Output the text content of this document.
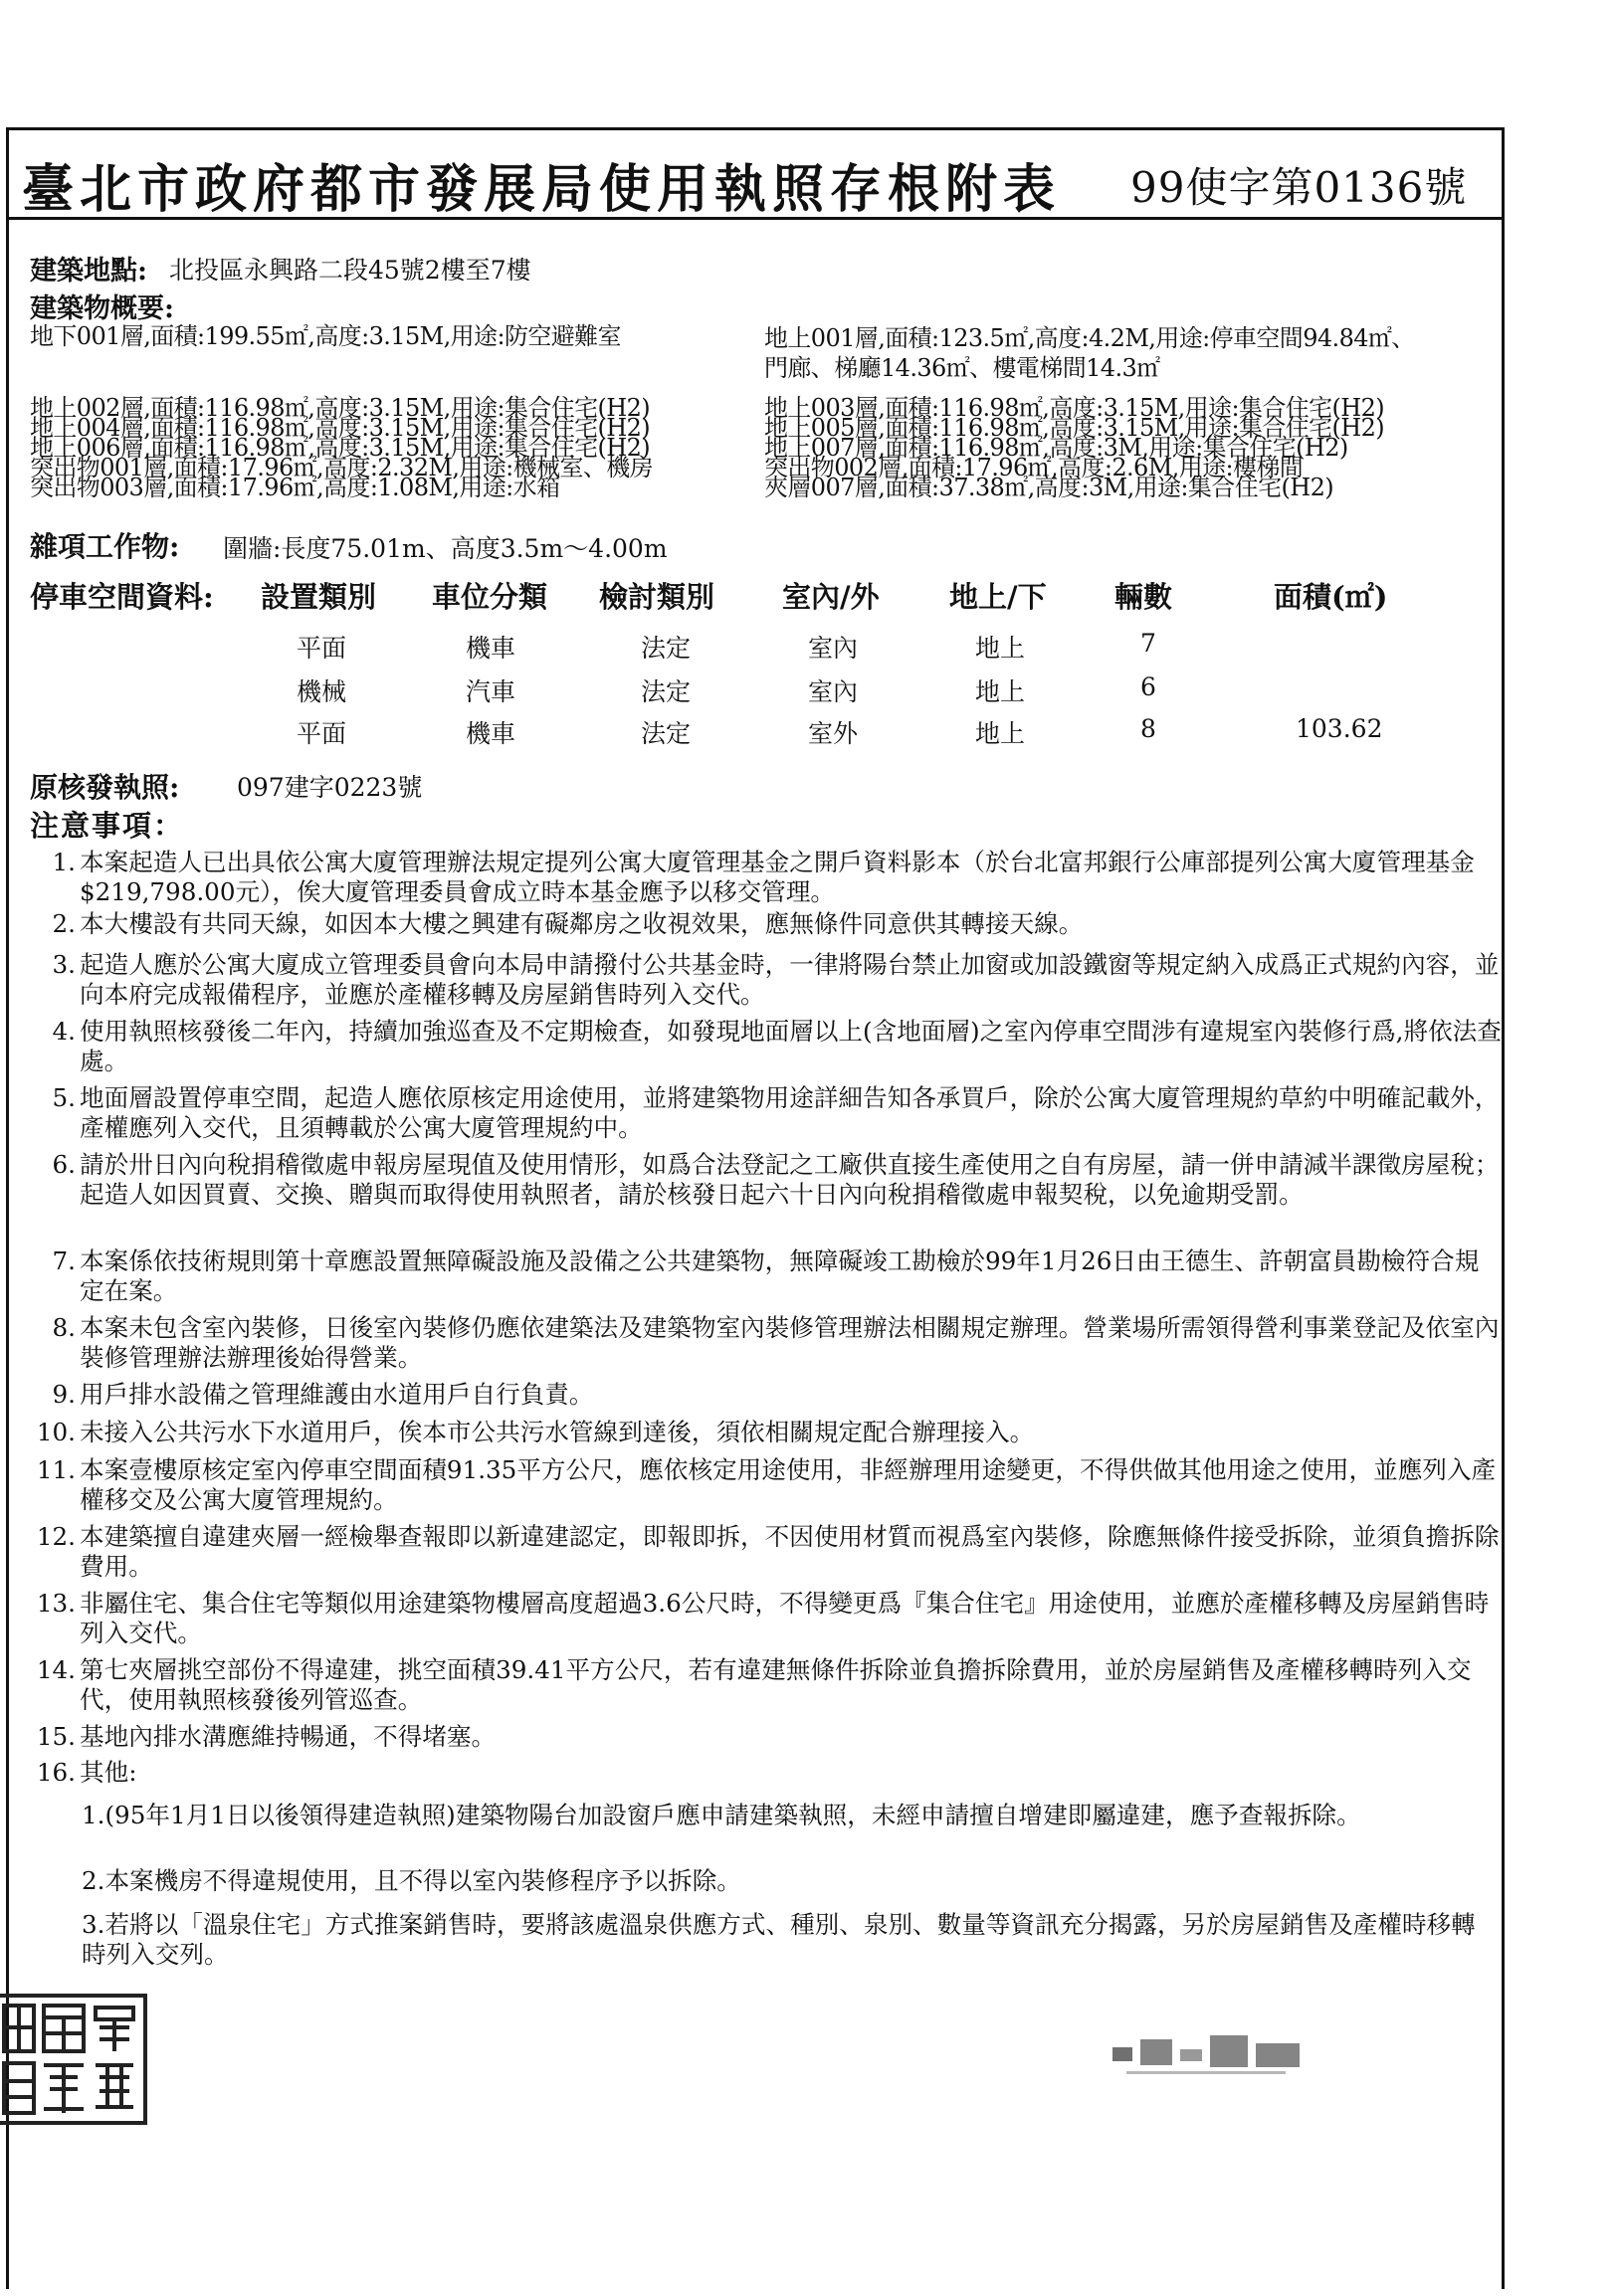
臺北市政府都市發展局使用執照存根附表 99使字第0136號
建築地點: 北投區永興路二段45號2樓至7樓
建築物概要:
地下001層,面積:199.55㎡,高度:3.15M,用途:防空避難室
地上002層,面積:116.98㎡,高度:3.15M,用途:集合住宅(H2)
地上004層,面積:116.98㎡,高度:3.15M,用途:集合住宅(H2)
地上006層,面積:116.98㎡,高度:3.15M,用途:集合住宅(H2)
突出物001層,面積:17.96㎡,高度:2.32M,用途:機械室、機房
突出物003層,面積:17.96㎡,高度:1.08M,用途:水箱
地上001層,面積:123.5㎡,高度:4.2M,用途:停車空間94.84㎡、
門廊、梯廳14.36㎡、樓電梯間14.3㎡
地上003層,面積:116.98㎡,高度:3.15M,用途:集合住宅(H2)
地上005層,面積:116.98㎡,高度:3.15M,用途:集合住宅(H2)
地上007層,面積:116.98㎡,高度:3M,用途:集合住宅(H2)
突出物002層,面積:17.96㎡,高度:2.6M,用途:樓梯間
夾層007層,面積:37.38㎡,高度:3M,用途:集合住宅(H2)
雜項工作物: 圍牆:長度75.01m、高度3.5m～4.00m
停車空間資料: 設置類別 車位分類 檢討類別 室內/外 地上/下 輛數	面積(㎡)
平面	機車	法定	室內	地上	7
機械	汽車	法定	室內	地上	6
平面	機車	法定	室外	地上	8	103.62
原核發執照: 097建字0223號
注意事項：
1. 本案起造人已出具依公寓大廈管理辦法規定提列公寓大廈管理基金之開戶資料影本（於台北富邦銀行公庫部提列公寓大廈管理基金$219,798.00元），俟大廈管理委員會成立時本基金應予以移交管理。
2. 本大樓設有共同天線，如因本大樓之興建有礙鄰房之收視效果，應無條件同意供其轉接天線。
3. 起造人應於公寓大廈成立管理委員會向本局申請撥付公共基金時，一律將陽台禁止加窗或加設鐵窗等規定納入成爲正式規約內容，並向本府完成報備程序，並應於產權移轉及房屋銷售時列入交代。
4. 使用執照核發後二年內，持續加強巡查及不定期檢查，如發現地面層以上(含地面層)之室內停車空間涉有違規室內裝修行爲,將依法查處。
5. 地面層設置停車空間，起造人應依原核定用途使用，並將建築物用途詳細告知各承買戶，除於公寓大廈管理規約草約中明確記載外，產權應列入交代，且須轉載於公寓大廈管理規約中。
6. 請於卅日內向稅捐稽徵處申報房屋現值及使用情形，如爲合法登記之工廠供直接生產使用之自有房屋，請一併申請減半課徵房屋稅；起造人如因買賣、交換、贈與而取得使用執照者，請於核發日起六十日內向稅捐稽徵處申報契稅，以免逾期受罰。
7. 本案係依技術規則第十章應設置無障礙設施及設備之公共建築物，無障礙竣工勘檢於99年1月26日由王德生、許朝富員勘檢符合規定在案。
8. 本案未包含室內裝修，日後室內裝修仍應依建築法及建築物室內裝修管理辦法相關規定辦理。營業場所需領得營利事業登記及依室內裝修管理辦法辦理後始得營業。
9. 用戶排水設備之管理維護由水道用戶自行負責。
10. 未接入公共污水下水道用戶，俟本市公共污水管線到達後，須依相關規定配合辦理接入。
11. 本案壹樓原核定室內停車空間面積91.35平方公尺，應依核定用途使用，非經辦理用途變更，不得供做其他用途之使用，並應列入產權移交及公寓大廈管理規約。
12. 本建築擅自違建夾層一經檢舉查報即以新違建認定，即報即拆，不因使用材質而視爲室內裝修，除應無條件接受拆除，並須負擔拆除費用。
13. 非屬住宅、集合住宅等類似用途建築物樓層高度超過3.6公尺時，不得變更爲『集合住宅』用途使用，並應於產權移轉及房屋銷售時列入交代。
14. 第七夾層挑空部份不得違建，挑空面積39.41平方公尺，若有違建無條件拆除並負擔拆除費用，並於房屋銷售及產權移轉時列入交代，使用執照核發後列管巡查。
15. 基地內排水溝應維持暢通，不得堵塞。
16. 其他:
1.(95年1月1日以後領得建造執照)建築物陽台加設窗戶應申請建築執照，未經申請擅自增建即屬違建，應予查報拆除。
2.本案機房不得違規使用，且不得以室內裝修程序予以拆除。
3.若將以「溫泉住宅」方式推案銷售時，要將該處溫泉供應方式、種別、泉別、數量等資訊充分揭露，另於房屋銷售及產權時移轉時列入交列。
